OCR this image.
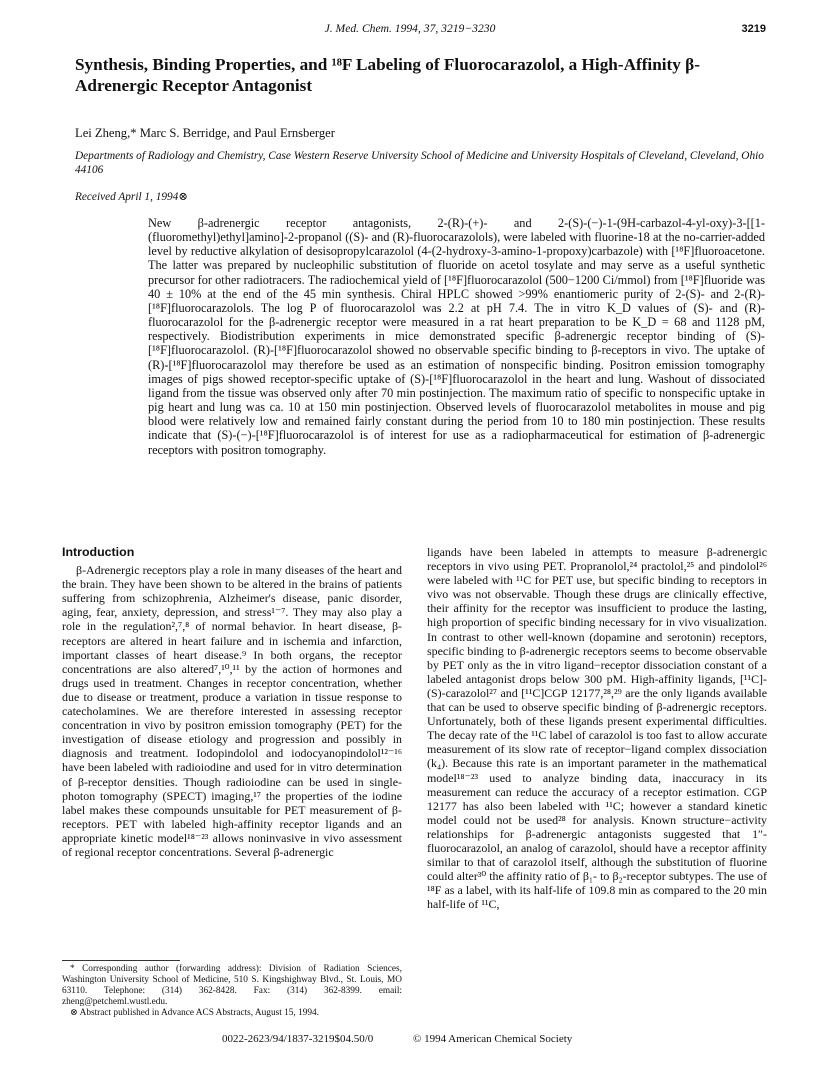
J. Med. Chem. 1994, 37, 3219−3230	3219
Synthesis, Binding Properties, and ¹⁸F Labeling of Fluorocarazolol, a High-Affinity β-Adrenergic Receptor Antagonist
Lei Zheng,* Marc S. Berridge, and Paul Ernsberger
Departments of Radiology and Chemistry, Case Western Reserve University School of Medicine and University Hospitals of Cleveland, Cleveland, Ohio 44106
Received April 1, 1994⊗
New β-adrenergic receptor antagonists, 2-(R)-(+)- and 2-(S)-(−)-1-(9H-carbazol-4-yl-oxy)-3-[[1-(fluoromethyl)ethyl]amino]-2-propanol ((S)- and (R)-fluorocarazolols), were labeled with fluorine-18 at the no-carrier-added level by reductive alkylation of desisopropylcarazolol (4-(2-hydroxy-3-amino-1-propoxy)carbazole) with [¹⁸F]fluoroacetone. The latter was prepared by nucleophilic substitution of fluoride on acetol tosylate and may serve as a useful synthetic precursor for other radiotracers. The radiochemical yield of [¹⁸F]fluorocarazolol (500−1200 Ci/mmol) from [¹⁸F]fluoride was 40 ± 10% at the end of the 45 min synthesis. Chiral HPLC showed >99% enantiomeric purity of 2-(S)- and 2-(R)-[¹⁸F]fluorocarazolols. The log P of fluorocarazolol was 2.2 at pH 7.4. The in vitro K_D values of (S)- and (R)-fluorocarazolol for the β-adrenergic receptor were measured in a rat heart preparation to be K_D = 68 and 1128 pM, respectively. Biodistribution experiments in mice demonstrated specific β-adrenergic receptor binding of (S)-[¹⁸F]fluorocarazolol. (R)-[¹⁸F]fluorocarazolol showed no observable specific binding to β-receptors in vivo. The uptake of (R)-[¹⁸F]fluorocarazolol may therefore be used as an estimation of nonspecific binding. Positron emission tomography images of pigs showed receptor-specific uptake of (S)-[¹⁸F]fluorocarazolol in the heart and lung. Washout of dissociated ligand from the tissue was observed only after 70 min postinjection. The maximum ratio of specific to nonspecific uptake in pig heart and lung was ca. 10 at 150 min postinjection. Observed levels of fluorocarazolol metabolites in mouse and pig blood were relatively low and remained fairly constant during the period from 10 to 180 min postinjection. These results indicate that (S)-(−)-[¹⁸F]fluorocarazolol is of interest for use as a radiopharmaceutical for estimation of β-adrenergic receptors with positron tomography.
Introduction
β-Adrenergic receptors play a role in many diseases of the heart and the brain. They have been shown to be altered in the brains of patients suffering from schizophrenia, Alzheimer's disease, panic disorder, aging, fear, anxiety, depression, and stress¹⁻⁷. They may also play a role in the regulation²,⁷,⁸ of normal behavior. In heart disease, β-receptors are altered in heart failure and in ischemia and infarction, important classes of heart disease.⁹ In both organs, the receptor concentrations are also altered⁷,¹⁰,¹¹ by the action of hormones and drugs used in treatment. Changes in receptor concentration, whether due to disease or treatment, produce a variation in tissue response to catecholamines. We are therefore interested in assessing receptor concentration in vivo by positron emission tomography (PET) for the investigation of disease etiology and progression and possibly in diagnosis and treatment. Iodopindolol and iodocyanopindolol¹²⁻¹⁶ have been labeled with radioiodine and used for in vitro determination of β-receptor densities. Though radioiodine can be used in single-photon tomography (SPECT) imaging,¹⁷ the properties of the iodine label makes these compounds unsuitable for PET measurement of β-receptors. PET with labeled high-affinity receptor ligands and an appropriate kinetic model¹⁸⁻²³ allows noninvasive in vivo assessment of regional receptor concentrations. Several β-adrenergic
ligands have been labeled in attempts to measure β-adrenergic receptors in vivo using PET. Propranolol,²⁴ practolol,²⁵ and pindolol²⁶ were labeled with ¹¹C for PET use, but specific binding to receptors in vivo was not observable. Though these drugs are clinically effective, their affinity for the receptor was insufficient to produce the lasting, high proportion of specific binding necessary for in vivo visualization. In contrast to other well-known (dopamine and serotonin) receptors, specific binding to β-adrenergic receptors seems to become observable by PET only as the in vitro ligand−receptor dissociation constant of a labeled antagonist drops below 300 pM. High-affinity ligands, [¹¹C]-(S)-carazolol²⁷ and [¹¹C]CGP 12177,²⁸,²⁹ are the only ligands available that can be used to observe specific binding of β-adrenergic receptors. Unfortunately, both of these ligands present experimental difficulties. The decay rate of the ¹¹C label of carazolol is too fast to allow accurate measurement of its slow rate of receptor−ligand complex dissociation (k₄). Because this rate is an important parameter in the mathematical model¹⁸⁻²³ used to analyze binding data, inaccuracy in its measurement can reduce the accuracy of a receptor estimation. CGP 12177 has also been labeled with ¹¹C; however a standard kinetic model could not be used²⁸ for analysis. Known structure−activity relationships for β-adrenergic antagonists suggested that 1″-fluorocarazolol, an analog of carazolol, should have a receptor affinity similar to that of carazolol itself, although the substitution of fluorine could alter³⁰ the affinity ratio of β₁- to β₂-receptor subtypes. The use of ¹⁸F as a label, with its half-life of 109.8 min as compared to the 20 min half-life of ¹¹C,
* Corresponding author (forwarding address): Division of Radiation Sciences, Washington University School of Medicine, 510 S. Kingshighway Blvd., St. Louis, MO 63110. Telephone: (314) 362-8428. Fax: (314) 362-8399. email: zheng@petcheml.wustl.edu.
⊗ Abstract published in Advance ACS Abstracts, August 15, 1994.
0022-2623/94/1837-3219$04.50/0	© 1994 American Chemical Society
